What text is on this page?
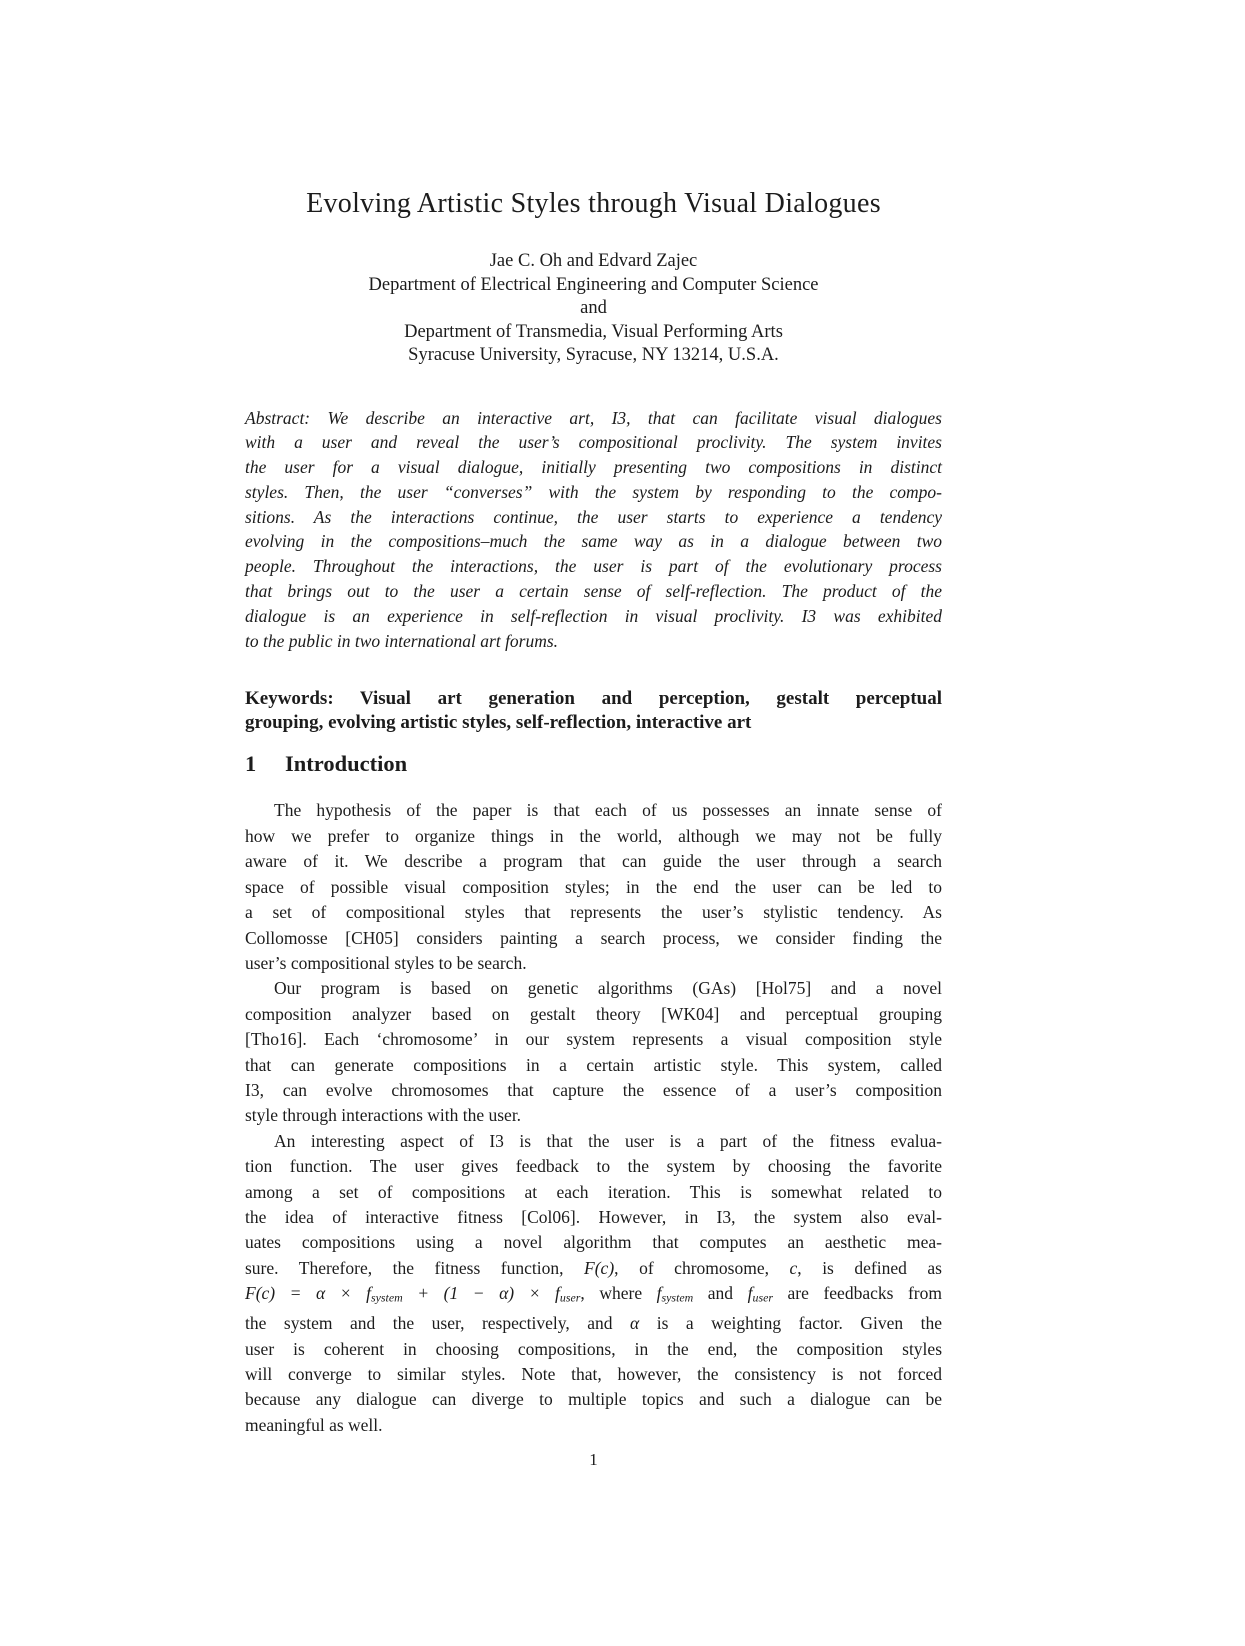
Evolving Artistic Styles through Visual Dialogues
Jae C. Oh and Edvard Zajec
Department of Electrical Engineering and Computer Science
and
Department of Transmedia, Visual Performing Arts
Syracuse University, Syracuse, NY 13214, U.S.A.
Abstract: We describe an interactive art, I3, that can facilitate visual dialogues
with a user and reveal the user’s compositional proclivity. The system invites
the user for a visual dialogue, initially presenting two compositions in distinct
styles. Then, the user “converses” with the system by responding to the compo-
sitions. As the interactions continue, the user starts to experience a tendency
evolving in the compositions–much the same way as in a dialogue between two
people. Throughout the interactions, the user is part of the evolutionary process
that brings out to the user a certain sense of self-reflection. The product of the
dialogue is an experience in self-reflection in visual proclivity. I3 was exhibited
to the public in two international art forums.
Keywords: Visual art generation and perception, gestalt perceptual
grouping, evolving artistic styles, self-reflection, interactive art
1 Introduction
The hypothesis of the paper is that each of us possesses an innate sense of
how we prefer to organize things in the world, although we may not be fully
aware of it. We describe a program that can guide the user through a search
space of possible visual composition styles; in the end the user can be led to
a set of compositional styles that represents the user’s stylistic tendency. As
Collomosse [CH05] considers painting a search process, we consider finding the
user’s compositional styles to be search.
Our program is based on genetic algorithms (GAs) [Hol75] and a novel
composition analyzer based on gestalt theory [WK04] and perceptual grouping
[Tho16]. Each ‘chromosome’ in our system represents a visual composition style
that can generate compositions in a certain artistic style. This system, called
I3, can evolve chromosomes that capture the essence of a user’s composition
style through interactions with the user.
An interesting aspect of I3 is that the user is a part of the fitness evalua-
tion function. The user gives feedback to the system by choosing the favorite
among a set of compositions at each iteration. This is somewhat related to
the idea of interactive fitness [Col06]. However, in I3, the system also eval-
uates compositions using a novel algorithm that computes an aesthetic mea-
sure. Therefore, the fitness function, F(c), of chromosome, c, is defined as
$F(c) = \alpha \times f_{system} + (1 - \alpha) \times f_{user}$, where $f_{system}$ and $f_{user}$ are feedbacks from
the system and the user, respectively, and α is a weighting factor. Given the
user is coherent in choosing compositions, in the end, the composition styles
will converge to similar styles. Note that, however, the consistency is not forced
because any dialogue can diverge to multiple topics and such a dialogue can be
meaningful as well.
1
